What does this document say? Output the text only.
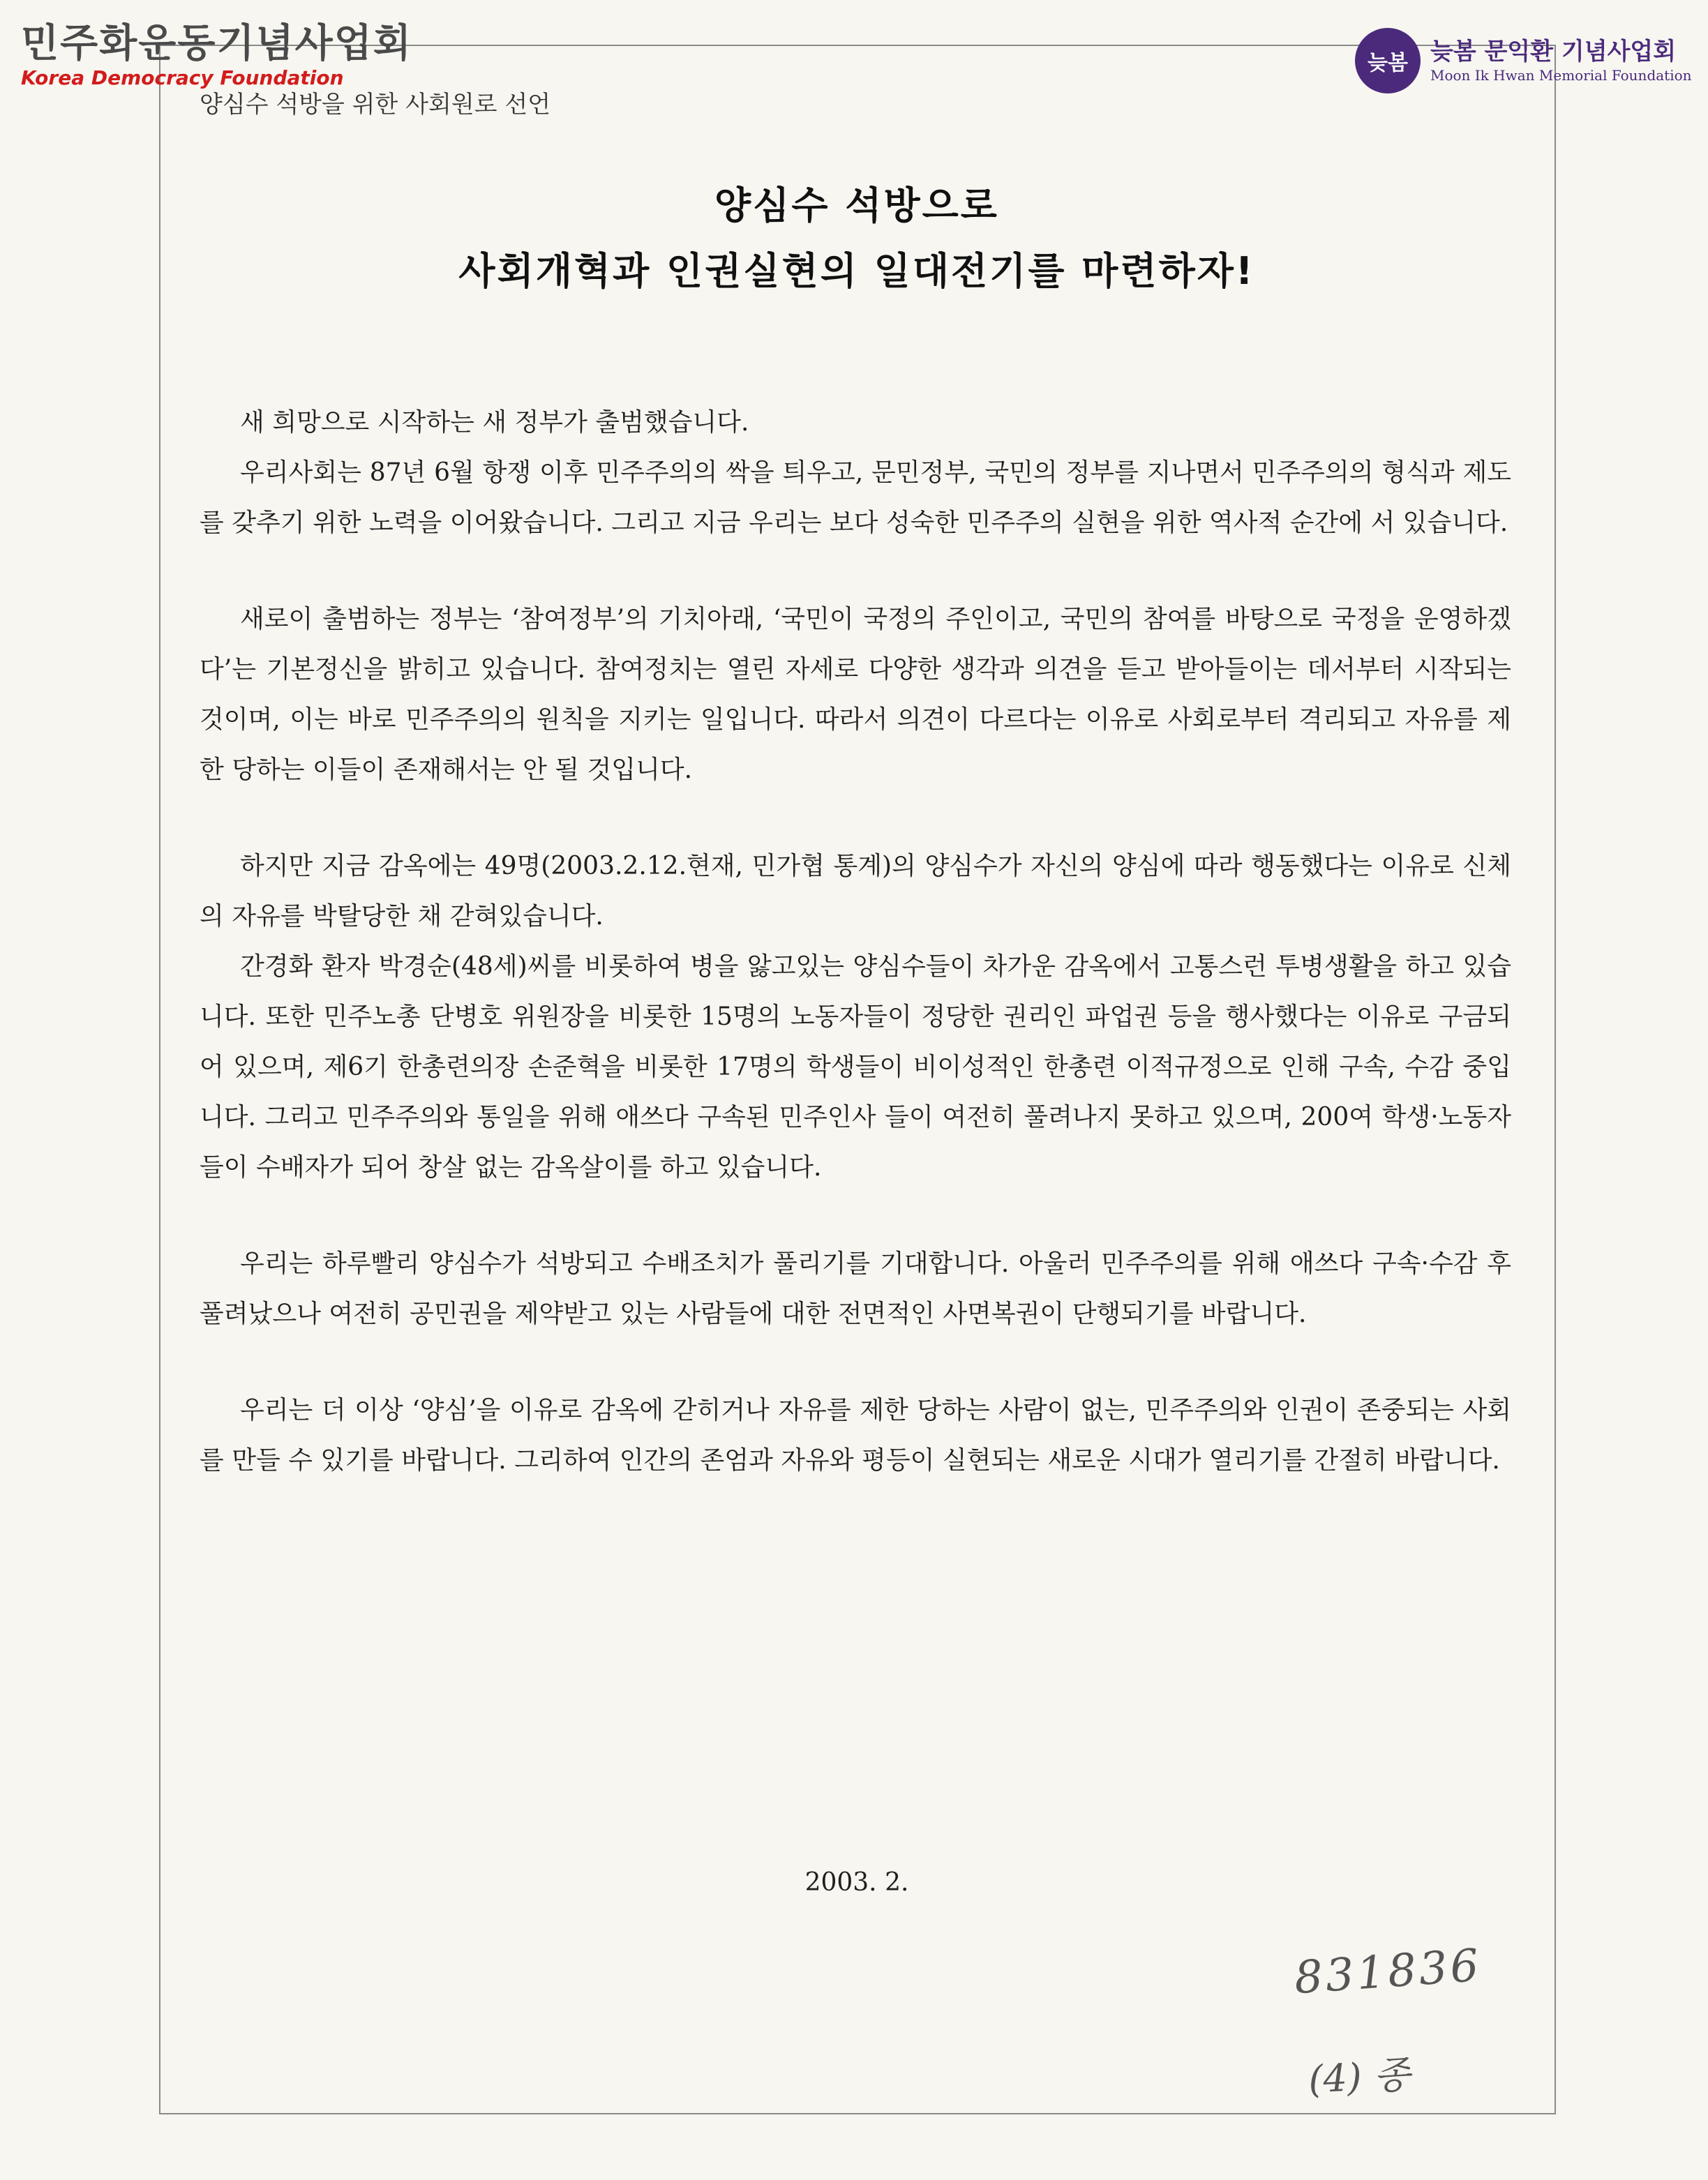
민주화운동기념사업회
Korea Democracy Foundation
늦봄 늦봄 문익환 기념사업회
Moon Ik Hwan Memorial Foundation
양심수 석방을 위한 사회원로 선언
양심수 석방으로
사회개혁과 인권실현의 일대전기를 마련하자!

새 희망으로 시작하는 새 정부가 출범했습니다.

우리사회는 87년 6월 항쟁 이후 민주주의의 싹을 틔우고, 문민정부, 국민의 정부를 지나면서 민주주의의 형식과 제도를 갖추기 위한 노력을 이어왔습니다. 그리고 지금 우리는 보다 성숙한 민주주의 실현을 위한 역사적 순간에 서 있습니다.

새로이 출범하는 정부는 ‘참여정부’의 기치아래, ‘국민이 국정의 주인이고, 국민의 참여를 바탕으로 국정을 운영하겠다’는 기본정신을 밝히고 있습니다. 참여정치는 열린 자세로 다양한 생각과 의견을 듣고 받아들이는 데서부터 시작되는 것이며, 이는 바로 민주주의의 원칙을 지키는 일입니다. 따라서 의견이 다르다는 이유로 사회로부터 격리되고 자유를 제한 당하는 이들이 존재해서는 안 될 것입니다.

하지만 지금 감옥에는 49명(2003.2.12.현재, 민가협 통계)의 양심수가 자신의 양심에 따라 행동했다는 이유로 신체의 자유를 박탈당한 채 갇혀있습니다.

간경화 환자 박경순(48세)씨를 비롯하여 병을 앓고있는 양심수들이 차가운 감옥에서 고통스런 투병생활을 하고 있습니다. 또한 민주노총 단병호 위원장을 비롯한 15명의 노동자들이 정당한 권리인 파업권 등을 행사했다는 이유로 구금되어 있으며, 제6기 한총련의장 손준혁을 비롯한 17명의 학생들이 비이성적인 한총련 이적규정으로 인해 구속, 수감 중입니다. 그리고 민주주의와 통일을 위해 애쓰다 구속된 민주인사 들이 여전히 풀려나지 못하고 있으며, 200여 학생·노동자들이 수배자가 되어 창살 없는 감옥살이를 하고 있습니다.

우리는 하루빨리 양심수가 석방되고 수배조치가 풀리기를 기대합니다. 아울러 민주주의를 위해 애쓰다 구속·수감 후 풀려났으나 여전히 공민권을 제약받고 있는 사람들에 대한 전면적인 사면복권이 단행되기를 바랍니다.

우리는 더 이상 ‘양심’을 이유로 감옥에 갇히거나 자유를 제한 당하는 사람이 없는, 민주주의와 인권이 존중되는 사회를 만들 수 있기를 바랍니다. 그리하여 인간의 존엄과 자유와 평등이 실현되는 새로운 시대가 열리기를 간절히 바랍니다.

2003. 2.
831836
(4) 종
